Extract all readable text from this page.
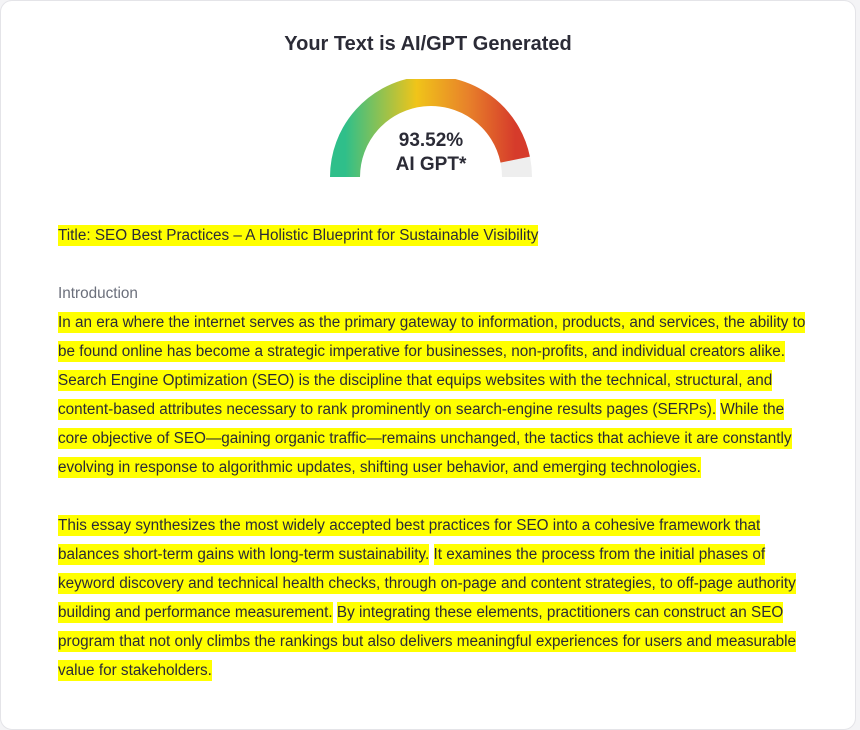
Your Text is AI/GPT Generated
93.52%
AI GPT*

Title: SEO Best Practices – A Holistic Blueprint for Sustainable Visibility

Introduction

In an era where the internet serves as the primary gateway to information, products, and services, the ability to be found online has become a strategic imperative for businesses, non-profits, and individual creators alike. Search Engine Optimization (SEO) is the discipline that equips websites with the technical, structural, and content-based attributes necessary to rank prominently on search-engine results pages (SERPs). While the core objective of SEO—gaining organic traffic—remains unchanged, the tactics that achieve it are constantly evolving in response to algorithmic updates, shifting user behavior, and emerging technologies.

This essay synthesizes the most widely accepted best practices for SEO into a cohesive framework that balances short-term gains with long-term sustainability. It examines the process from the initial phases of keyword discovery and technical health checks, through on-page and content strategies, to off-page authority building and performance measurement. By integrating these elements, practitioners can construct an SEO program that not only climbs the rankings but also delivers meaningful experiences for users and measurable value for stakeholders.
